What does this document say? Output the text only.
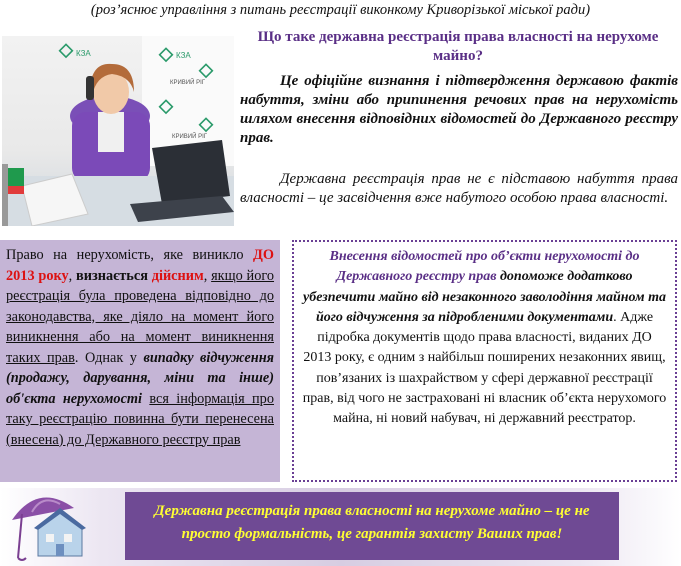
(роз’яснює управління з питань реєстрації виконкому Криворізької міської ради)
КЗА
КРИВИЙ РІГ
КРИВИЙ РІГ
КЗА
Що таке державна реєстрація права власності на нерухоме майно?

Це офіційне визнання і підтвердження державою фактів набуття, зміни або припинення речових прав на нерухомість шляхом внесення відповідних відомостей до Державного реєстру прав.

Державна реєстрація прав не є підставою набуття права власності – це засвідчення вже набутого особою права власності.

Право на нерухомість, яке виникло ДО 2013 року, визнається дійсним, якщо його реєстрація була проведена відповідно до законодавства, яке діяло на момент його виникнення або на момент виникнення таких прав. Однак у випадку відчуження (продажу, дарування, міни та інше) об'єкта нерухомості вся інформація про таку реєстрацію повинна бути перенесена (внесена) до Державного реєстру прав
Внесення відомостей про об’єкти нерухомості до Державного реєстру прав допоможе додатково убезпечити майно від незаконного заволодіння майном та його відчуження за підробленими документами. Адже підробка документів щодо права власності, виданих ДО 2013 року, є одним з найбільш поширених незаконних явищ, пов’язаних із шахрайством у сфері державної реєстрації прав, від чого не застраховані ні власник об’єкта нерухомого майна, ні новий набувач, ні державний реєстратор.
Державна реєстрація права власності на нерухоме майно – це не просто формальність, це гарантія захисту Ваших прав!
